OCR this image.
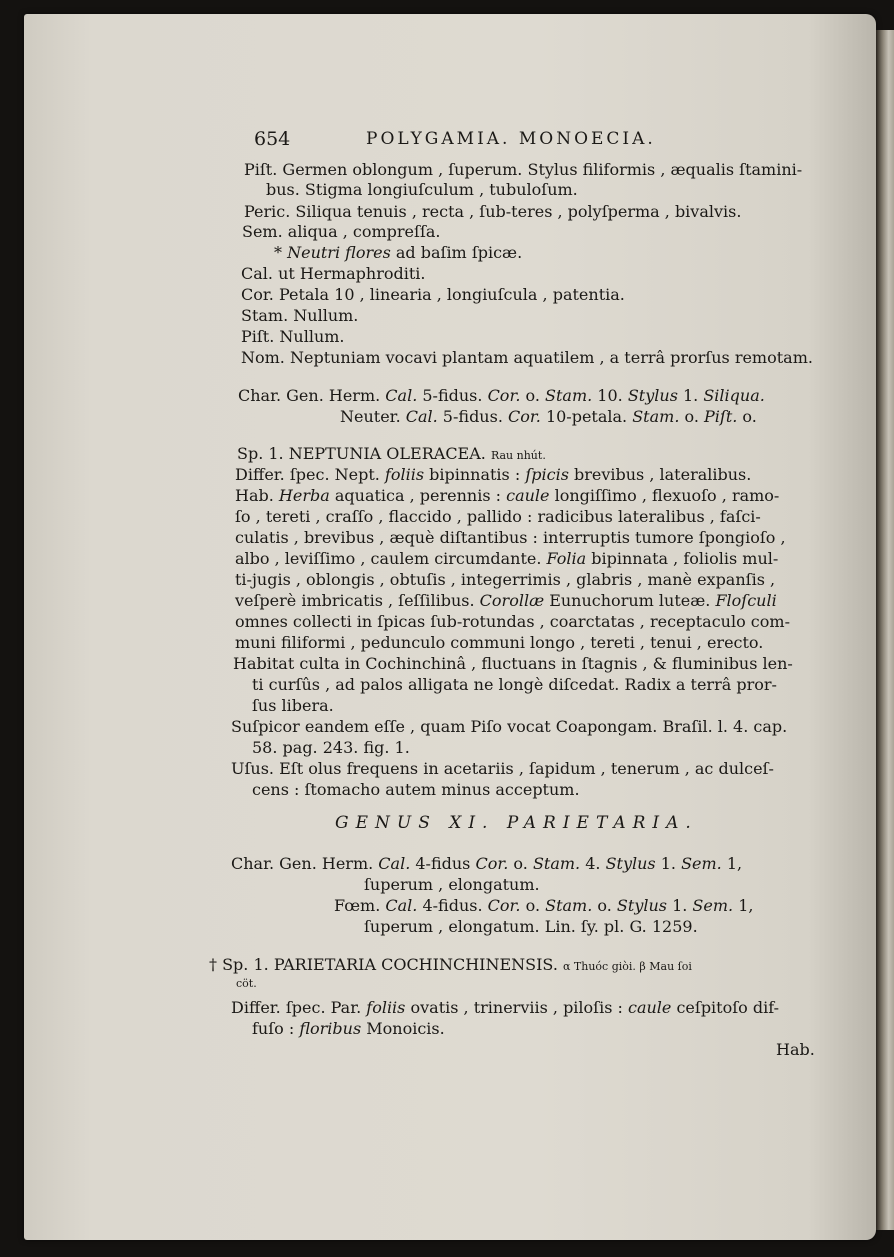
654	POLYGAMIA. MONOECIA.
Piſt. Germen oblongum , ſuperum. Stylus filiformis , æqualis ſtamini-
bus. Stigma longiuſculum , tubuloſum.
Peric. Siliqua tenuis , recta , ſub-teres , polyſperma , bivalvis.
Sem. aliqua , compreſſa.
* Neutri flores ad baſim ſpicæ.
Cal. ut Hermaphroditi.
Cor. Petala 10 , linearia , longiuſcula , patentia.
Stam. Nullum.
Piſt. Nullum.
Nom. Neptuniam vocavi plantam aquatilem , a terrâ prorſus remotam.
Char. Gen. Herm. Cal. 5-fidus. Cor. o. Stam. 10. Stylus 1. Siliqua.
Neuter. Cal. 5-fidus. Cor. 10-petala. Stam. o. Piſt. o.
Sp. 1. NEPTUNIA OLERACEA. Rau nhút.
Differ. ſpec. Nept. foliis bipinnatis : ſpicis brevibus , lateralibus.
Hab. Herba aquatica , perennis : caule longiſſimo , flexuoſo , ramo-
ſo , tereti , craſſo , flaccido , pallido : radicibus lateralibus , faſci-
culatis , brevibus , æquè diſtantibus : interruptis tumore ſpongioſo ,
albo , leviſſimo , caulem circumdante. Folia bipinnata , foliolis mul-
ti-jugis , oblongis , obtuſis , integerrimis , glabris , manè expanſis ,
veſperè imbricatis , ſeſſilibus. Corollæ Eunuchorum luteæ. Floſculi
omnes collecti in ſpicas ſub-rotundas , coarctatas , receptaculo com-
muni filiformi , pedunculo communi longo , tereti , tenui , erecto.
Habitat culta in Cochinchinâ , fluctuans in ſtagnis , & fluminibus len-
ti curſûs , ad palos alligata ne longè diſcedat. Radix a terrâ pror-
ſus libera.
Suſpicor eandem eſſe , quam Piſo vocat Coapongam. Braſil. l. 4. cap.
58. pag. 243. fig. 1.
Uſus. Eſt olus frequens in acetariis , ſapidum , tenerum , ac dulceſ-
cens : ſtomacho autem minus acceptum.
GENUS XI. PARIETARIA.
Char. Gen. Herm. Cal. 4-fidus Cor. o. Stam. 4. Stylus 1. Sem. 1,
ſuperum , elongatum.
Fœm. Cal. 4-fidus. Cor. o. Stam. o. Stylus 1. Sem. 1,
ſuperum , elongatum. Lin. ſy. pl. G. 1259.
† Sp. 1. PARIETARIA COCHINCHINENSIS. α Thuóc giòi. β Mau ſoi
cöt.
Differ. ſpec. Par. foliis ovatis , trinerviis , piloſis : caule ceſpitoſo dif-
fuſo : floribus Monoicis.
Hab.
